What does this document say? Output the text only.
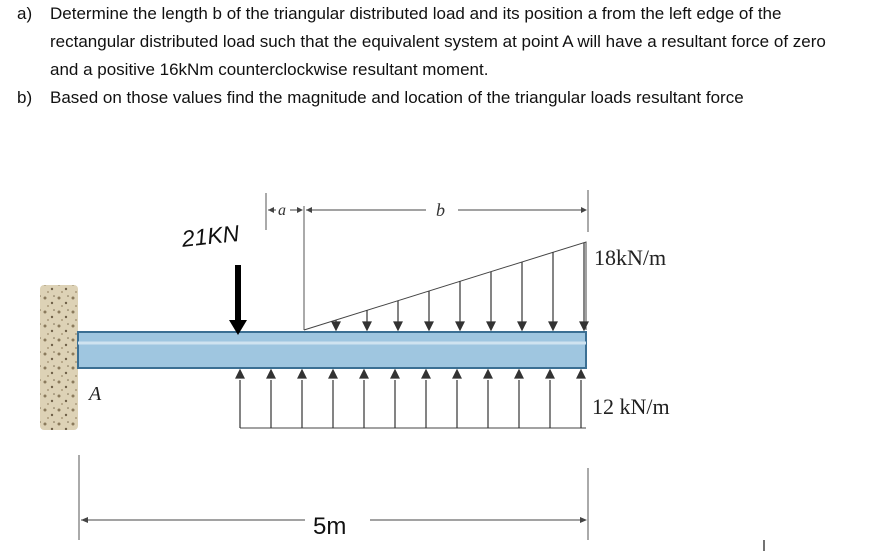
a) Determine the length b of the triangular distributed load and its position a from the left edge of the rectangular distributed load such that the equivalent system at point A will have a resultant force of zero and a positive 16kNm counterclockwise resultant moment.
b) Based on those values find the magnitude and location of the triangular loads resultant force
A
21KN
a	b
18kN/m
12 kN/m
5m
